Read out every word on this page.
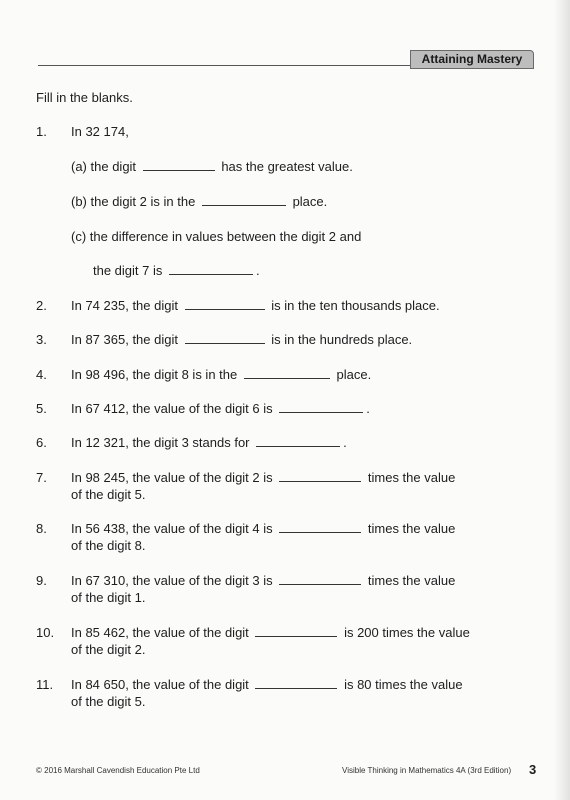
Attaining Mastery
Fill in the blanks.
1.	In 32 174,
(a) the digit	has the greatest value.
(b) the digit 2 is in the	place.
(c) the difference in values between the digit 2 and
the digit 7 is	.
2.	In 74 235, the digit	is in the ten thousands place.
3.	In 87 365, the digit	is in the hundreds place.
4.	In 98 496, the digit 8 is in the	place.
5.	In 67 412, the value of the digit 6 is	.
6.	In 12 321, the digit 3 stands for	.
7.	In 98 245, the value of the digit 2 is	times the value
of the digit 5.
8.	In 56 438, the value of the digit 4 is	times the value
of the digit 8.
9.	In 67 310, the value of the digit 3 is	times the value
of the digit 1.
10.	In 85 462, the value of the digit	is 200 times the value
of the digit 2.
11.	In 84 650, the value of the digit	is 80 times the value
of the digit 5.
© 2016 Marshall Cavendish Education Pte Ltd	Visible Thinking in Mathematics 4A (3rd Edition) 3
